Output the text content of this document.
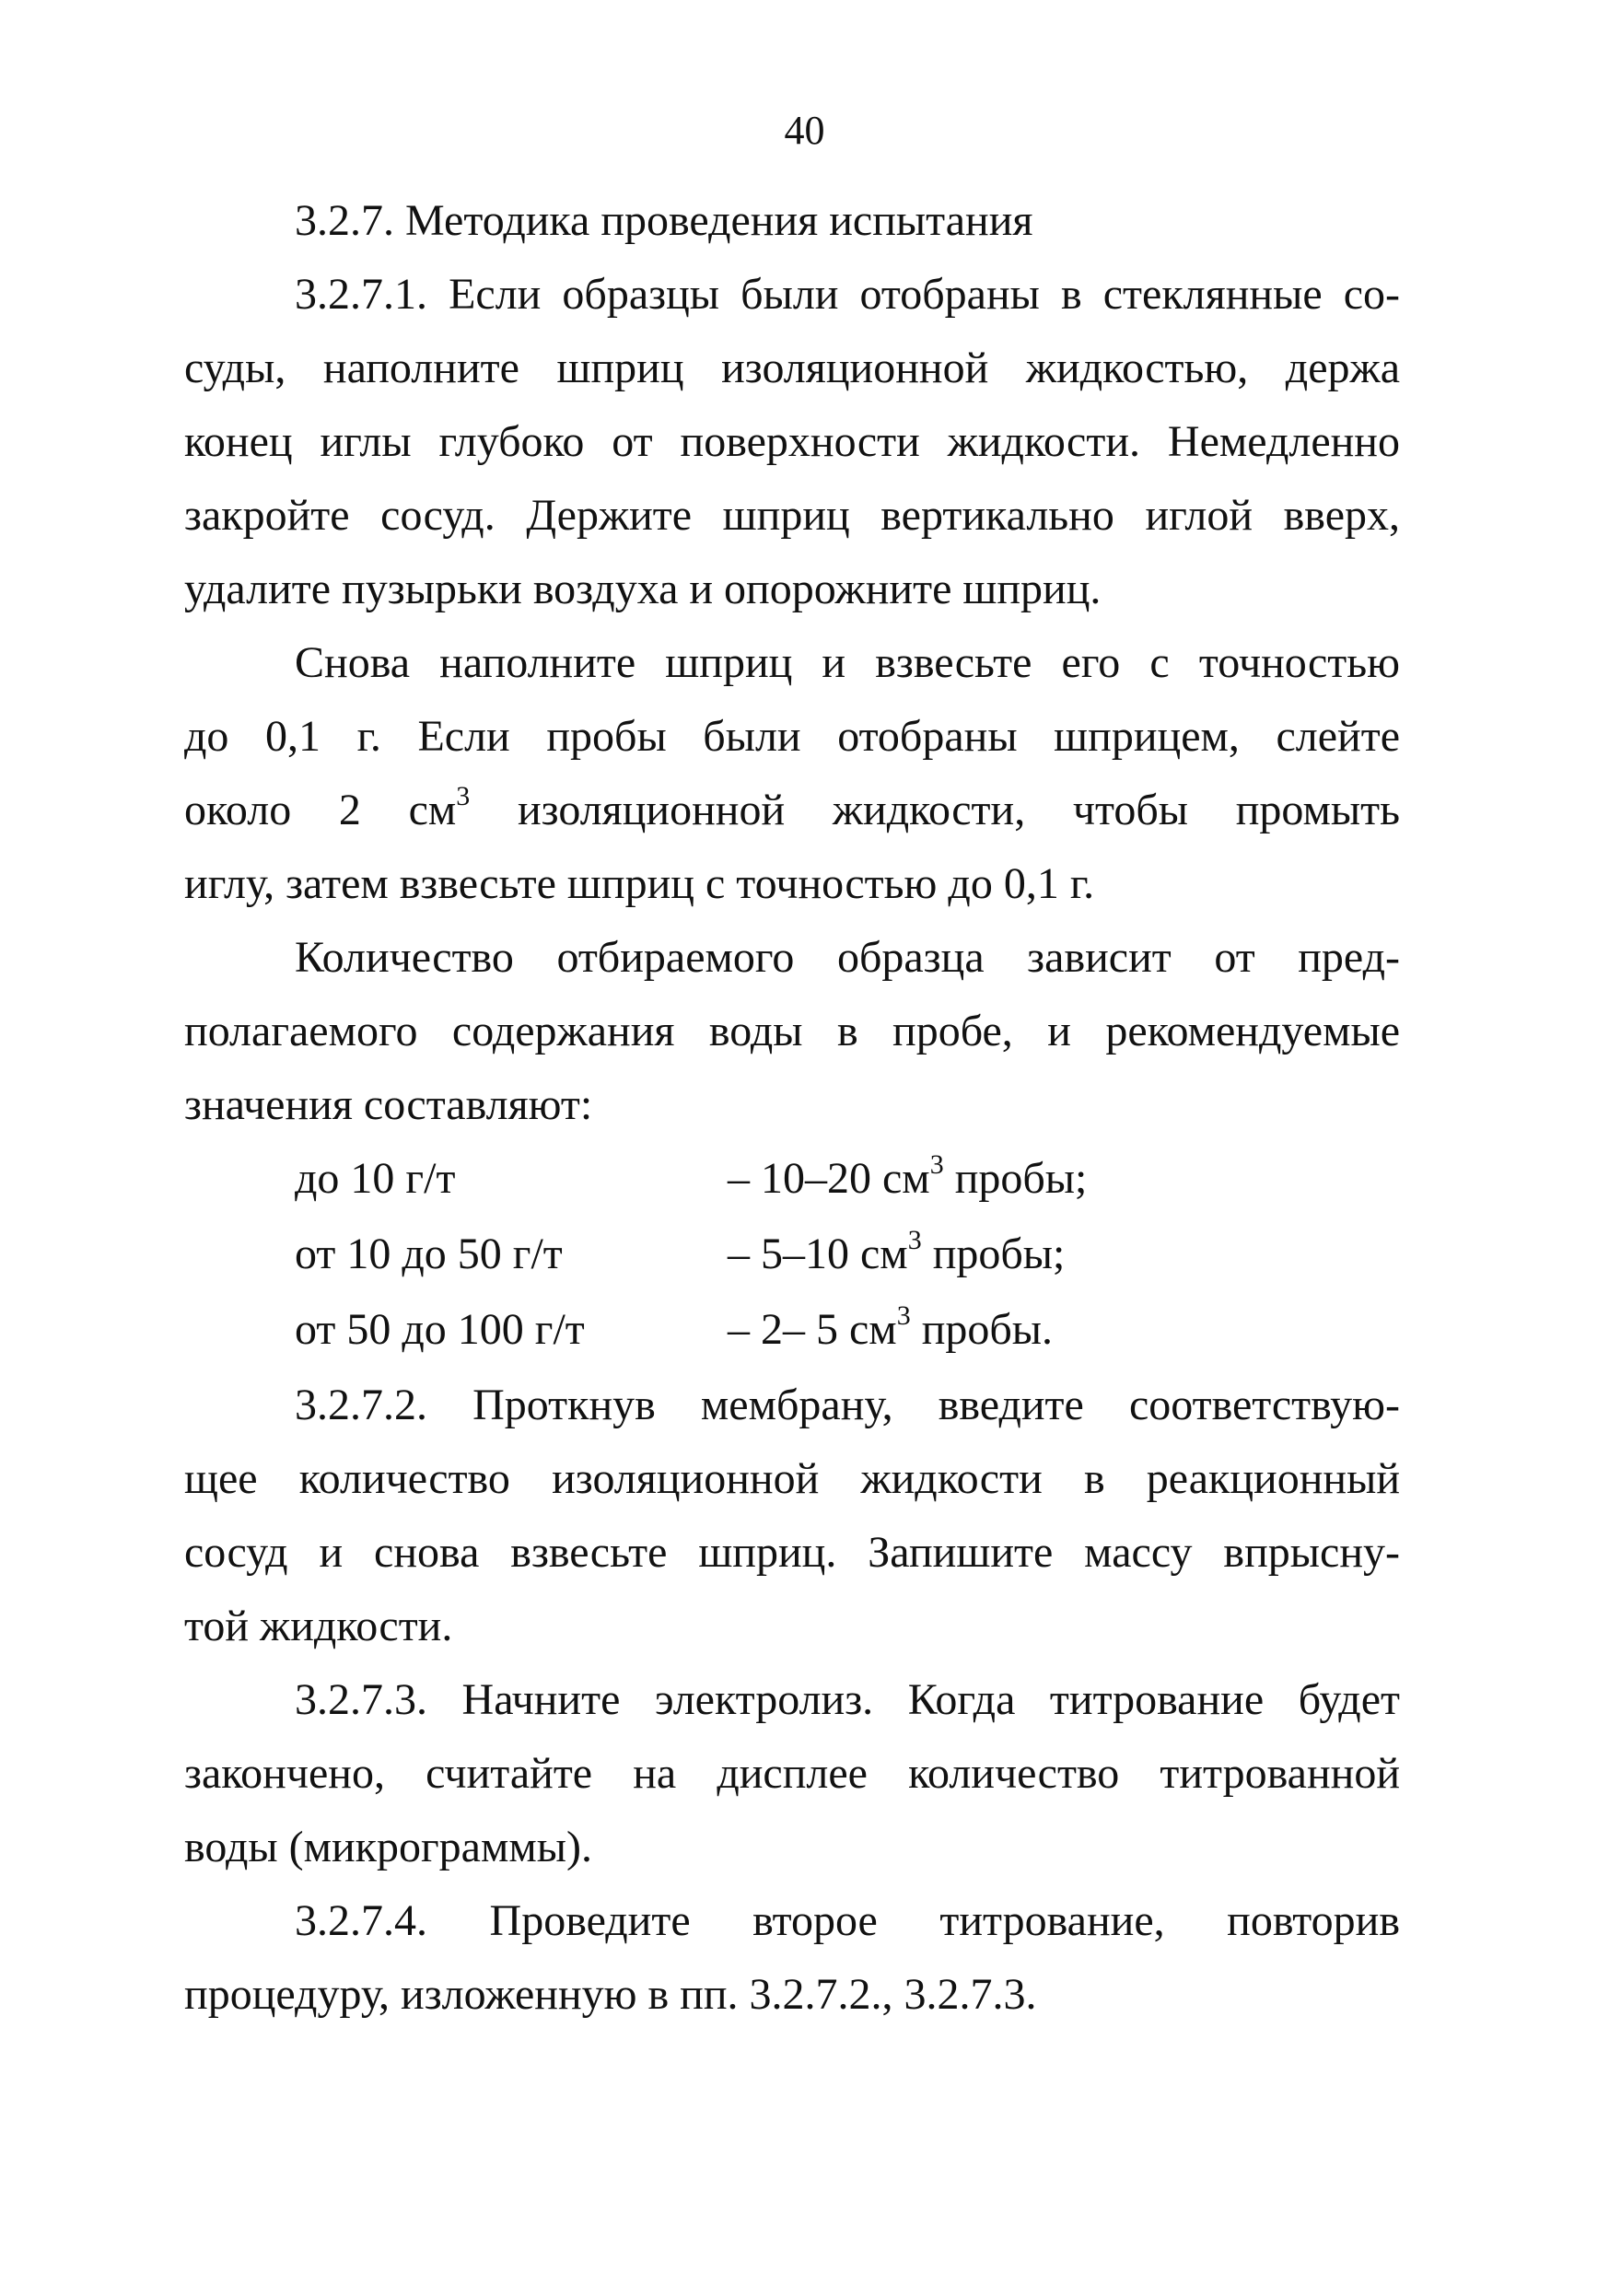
40
3.2.7. Методика проведения испытания
3.2.7.1. Если образцы были отобраны в стеклянные со-
суды, наполните шприц изоляционной жидкостью, держа
конец иглы глубоко от поверхности жидкости. Немедленно
закройте сосуд. Держите шприц вертикально иглой вверх,
удалите пузырьки воздуха и опорожните шприц.
Снова наполните шприц и взвесьте его с точностью
до 0,1 г. Если пробы были отобраны шприцем, слейте
около 2 $см^3$ изоляционной жидкости, чтобы промыть
иглу, затем взвесьте шприц с точностью до 0,1 г.
Количество отбираемого образца зависит от пред-
полагаемого содержания воды в пробе, и рекомендуемые
значения составляют:
до 10 г/т	– 10–20 $см^3$ пробы;
от 10 до 50 г/т	– 5–10 $см^3$ пробы;
от 50 до 100 г/т	– 2– 5 $см^3$ пробы.
3.2.7.2. Проткнув мембрану, введите соответствую-
щее количество изоляционной жидкости в реакционный
сосуд и снова взвесьте шприц. Запишите массу впрысну-
той жидкости.
3.2.7.3. Начните электролиз. Когда титрование будет
закончено, считайте на дисплее количество титрованной
воды (микрограммы).
3.2.7.4. Проведите второе титрование, повторив
процедуру, изложенную в пп. 3.2.7.2., 3.2.7.3.
